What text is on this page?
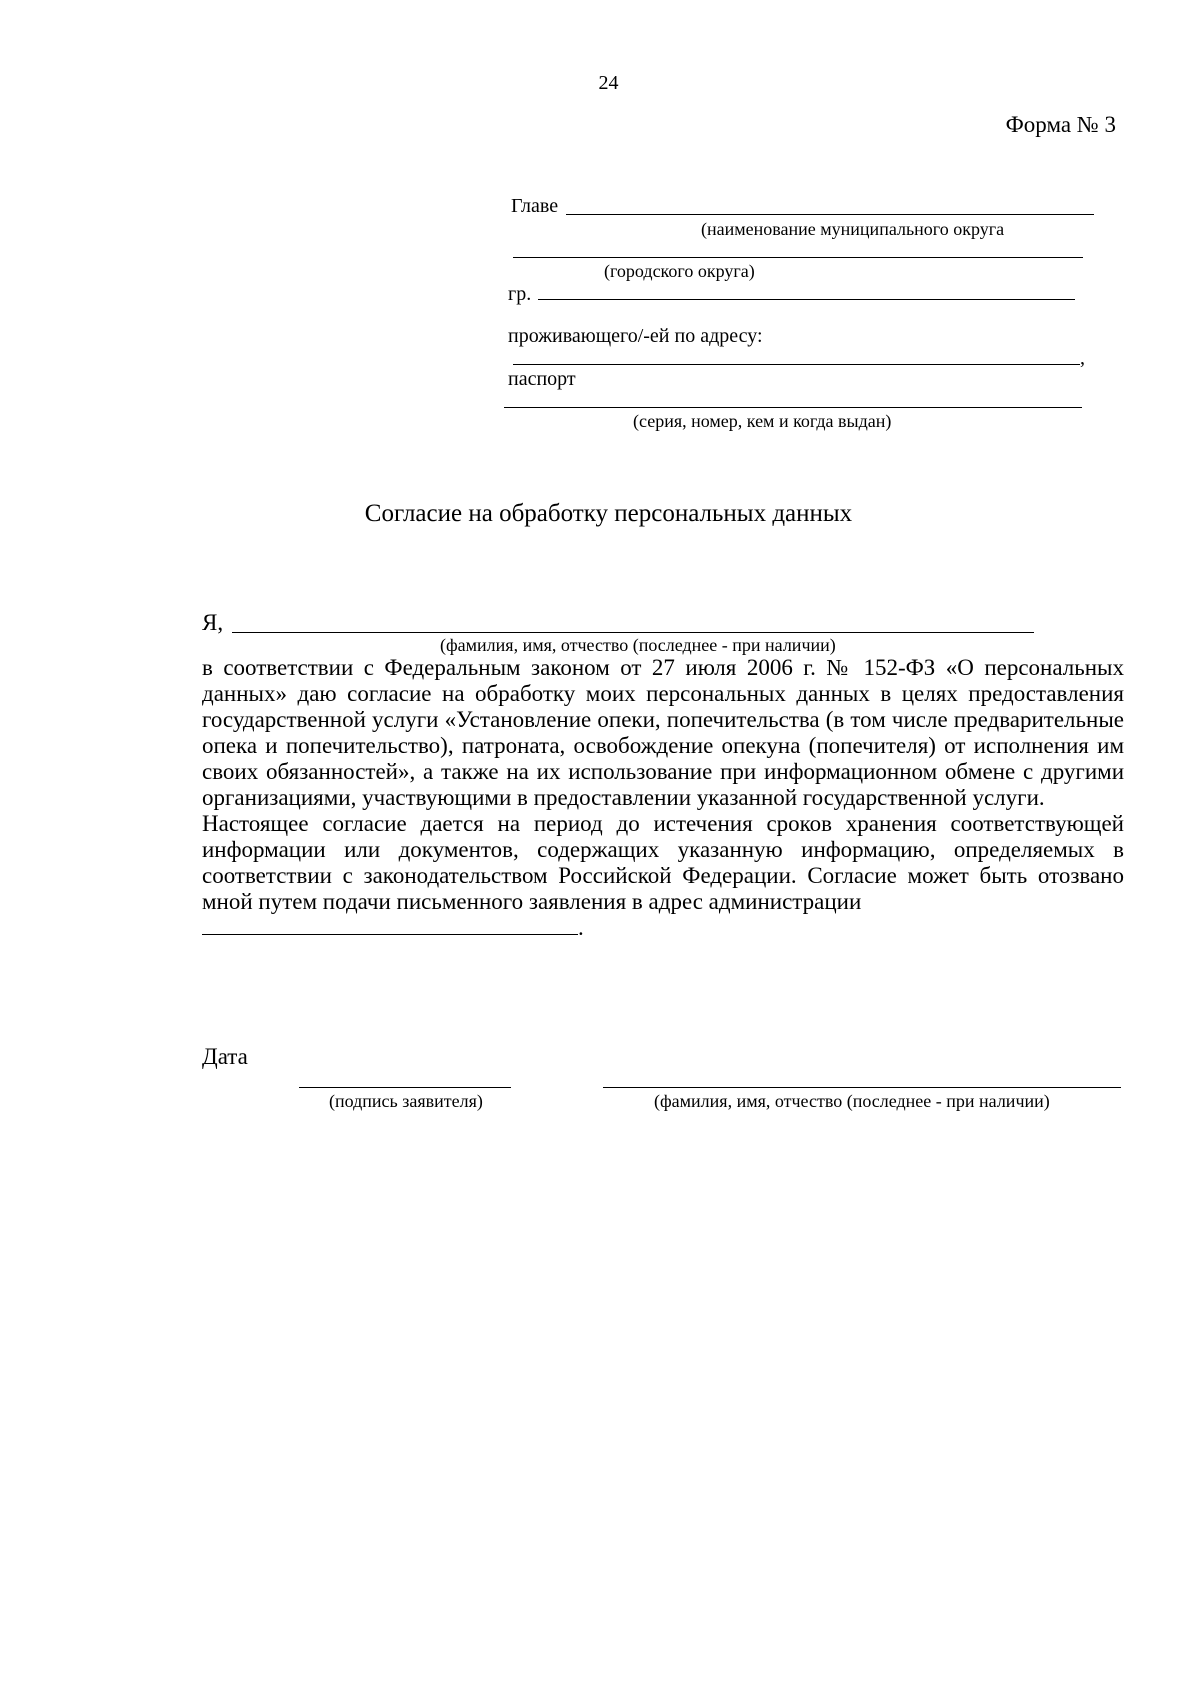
24
Форма № 3
Главе
(наименование муниципального округа
(городского округа)
гр.
проживающего/-ей по адресу:
,
паспорт
(серия, номер, кем и когда выдан)
Согласие на обработку персональных данных
Я,
(фамилия, имя, отчество (последнее - при наличии)

в соответствии с Федеральным законом от 27 июля 2006 г. № 152-ФЗ «О персональных данных» даю согласие на обработку моих персональных данных в целях предоставления государственной услуги «Установление опеки, попечительства (в том числе предварительные опека и попечительство), патроната, освобождение опекуна (попечителя) от исполнения им своих обязанностей», а также на их использование при информационном обмене с другими организациями, участвующими в предоставлении указанной государственной услуги.

Настоящее согласие дается на период до истечения сроков хранения соответствующей информации или документов, содержащих указанную информацию, определяемых в соответствии с законодательством Российской Федерации. Согласие может быть отозвано мной путем подачи письменного заявления в адрес администрации

.

Дата
(подпись заявителя)	(фамилия, имя, отчество (последнее - при наличии)
